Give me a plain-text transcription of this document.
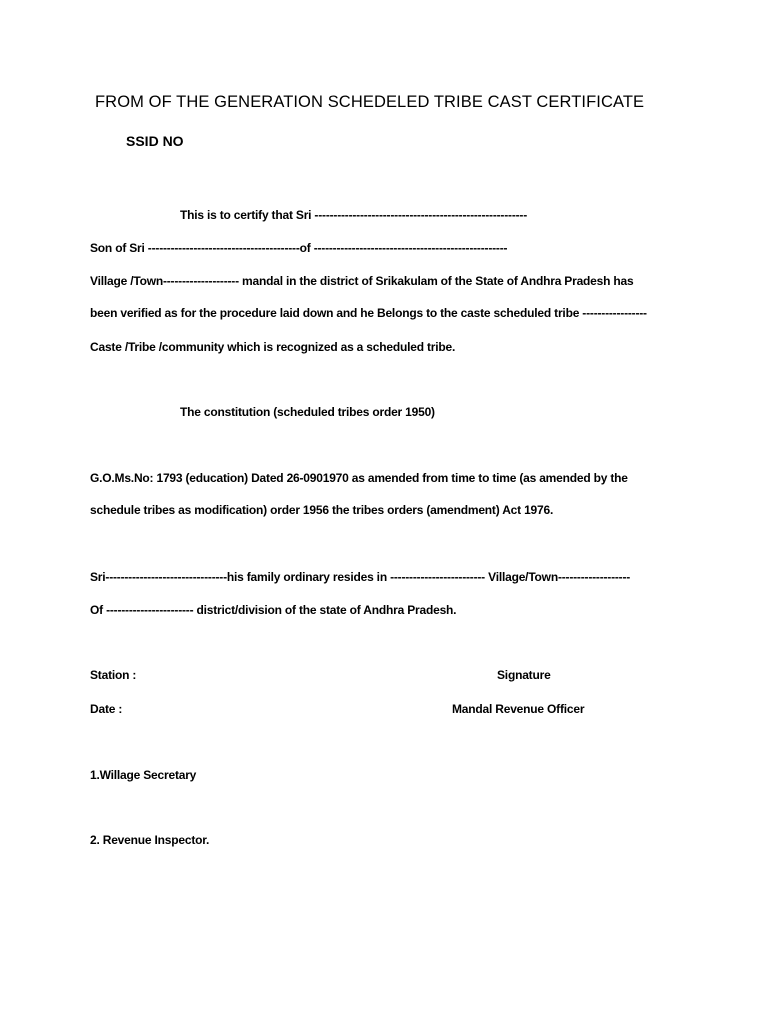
FROM OF THE GENERATION SCHEDELED TRIBE CAST CERTIFICATE
SSID NO
This is to certify that Sri --------------------------------------------------------
Son of Sri ----------------------------------------of ---------------------------------------------------
Village /Town-------------------- mandal in the district of Srikakulam of the State of Andhra Pradesh has
been verified as for the procedure laid down and he Belongs to the caste scheduled tribe -----------------
Caste /Tribe /community which is recognized as a scheduled tribe.
The constitution (scheduled tribes order 1950)
G.O.Ms.No: 1793 (education) Dated 26-0901970 as amended from time to time (as amended by the
schedule tribes as modification) order 1956 the tribes orders (amendment) Act 1976.
Sri--------------------------------his family ordinary resides in ------------------------- Village/Town-------------------
Of ----------------------- district/division of the state of Andhra Pradesh.
Station :	Signature
Date :	Mandal Revenue Officer
1.Willage Secretary
2. Revenue Inspector.
